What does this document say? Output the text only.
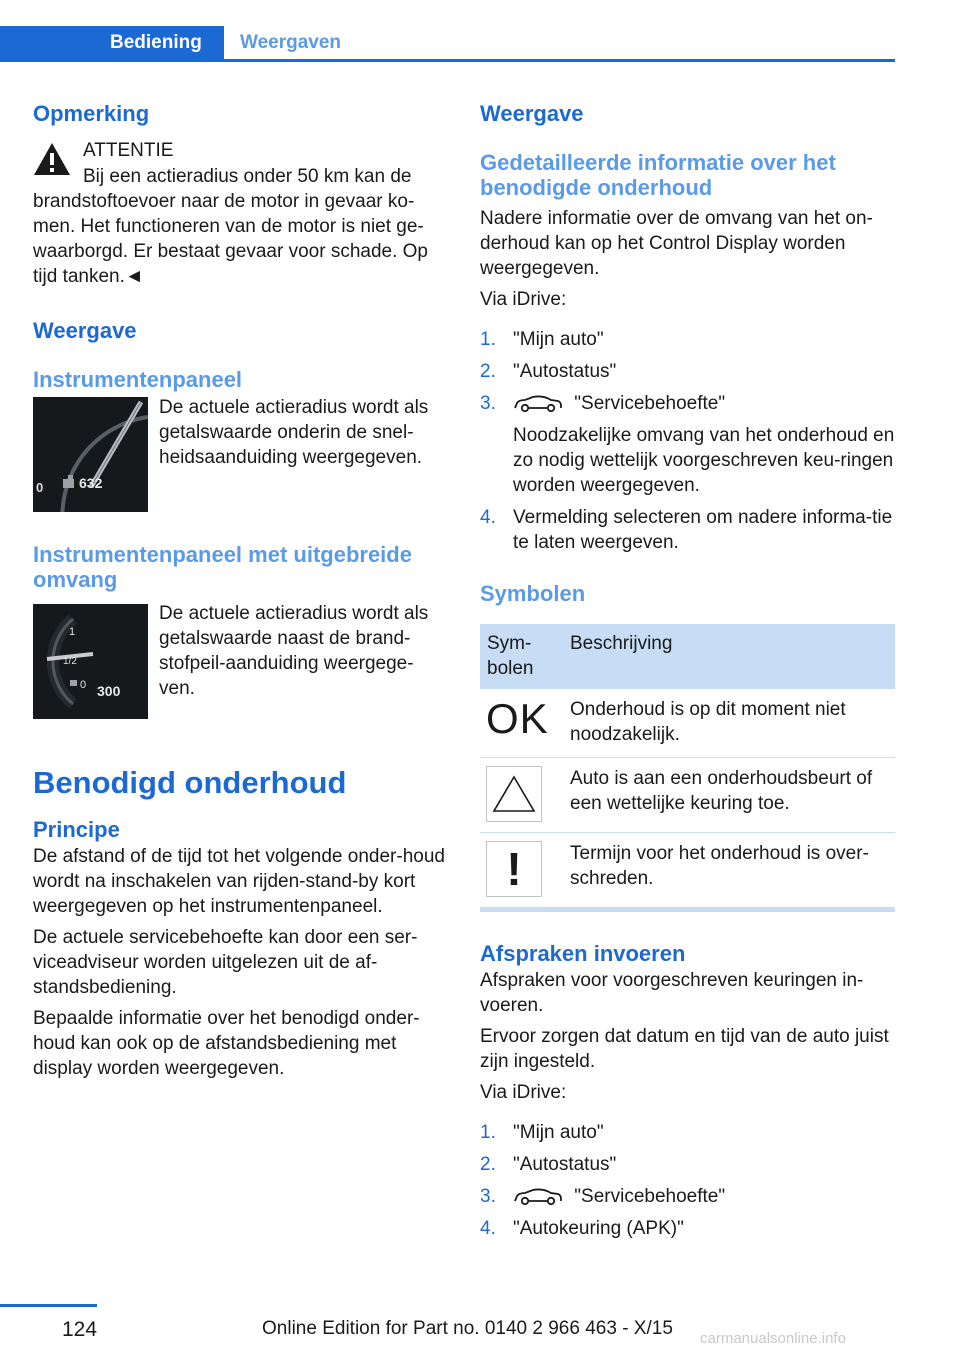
Bediening	Weergaven
Opmerking

ATTENTIE

Bij een actieradius onder 50 km kan de brandstoftoevoer naar de motor in gevaar ko-men. Het functioneren van de motor is niet ge-waarborgd. Er bestaat gevaar voor schade. Op tijd tanken.◄

Weergave
Instrumentenpaneel
0	632

De actuele actieradius wordt als getalswaarde onderin de snel-heidsaanduiding weergegeven.

Instrumentenpaneel met uitgebreide omvang
1
1/2
0 300

De actuele actieradius wordt als getalswaarde naast de brand-stofpeil-aanduiding weergege-ven.

Benodigd onderhoud
Principe

De afstand of de tijd tot het volgende onder-houd wordt na inschakelen van rijden-stand-by kort weergegeven op het instrumentenpaneel.

De actuele servicebehoefte kan door een ser-viceadviseur worden uitgelezen uit de af-standsbediening.

Bepaalde informatie over het benodigd onder-houd kan ook op de afstandsbediening met display worden weergegeven.

Weergave
Gedetailleerde informatie over het benodigde onderhoud

Nadere informatie over de omvang van het on-derhoud kan op het Control Display worden weergegeven.

Via iDrive:

1. "Mijn auto"
2. "Autostatus"
3.	"Servicebehoefte"
Noodzakelijke omvang van het onderhoud en zo nodig wettelijk voorgeschreven keu-ringen worden weergegeven.
4. Vermelding selecteren om nadere informa-tie te laten weergeven.
Symbolen
Sym-bolen	Beschrijving

OK	Onderhoud is op dit moment niet noodzakelijk.

	Auto is aan een onderhoudsbeurt of een wettelijke keuring toe.

!	Termijn voor het onderhoud is over-schreden.
Afspraken invoeren

Afspraken voor voorgeschreven keuringen in-voeren.

Ervoor zorgen dat datum en tijd van de auto juist zijn ingesteld.

Via iDrive:

1. "Mijn auto"
2. "Autostatus"
3.	"Servicebehoefte"
4. "Autokeuring (APK)"
124	Online Edition for Part no. 0140 2 966 463 - X/15 carmanualsonline.info
